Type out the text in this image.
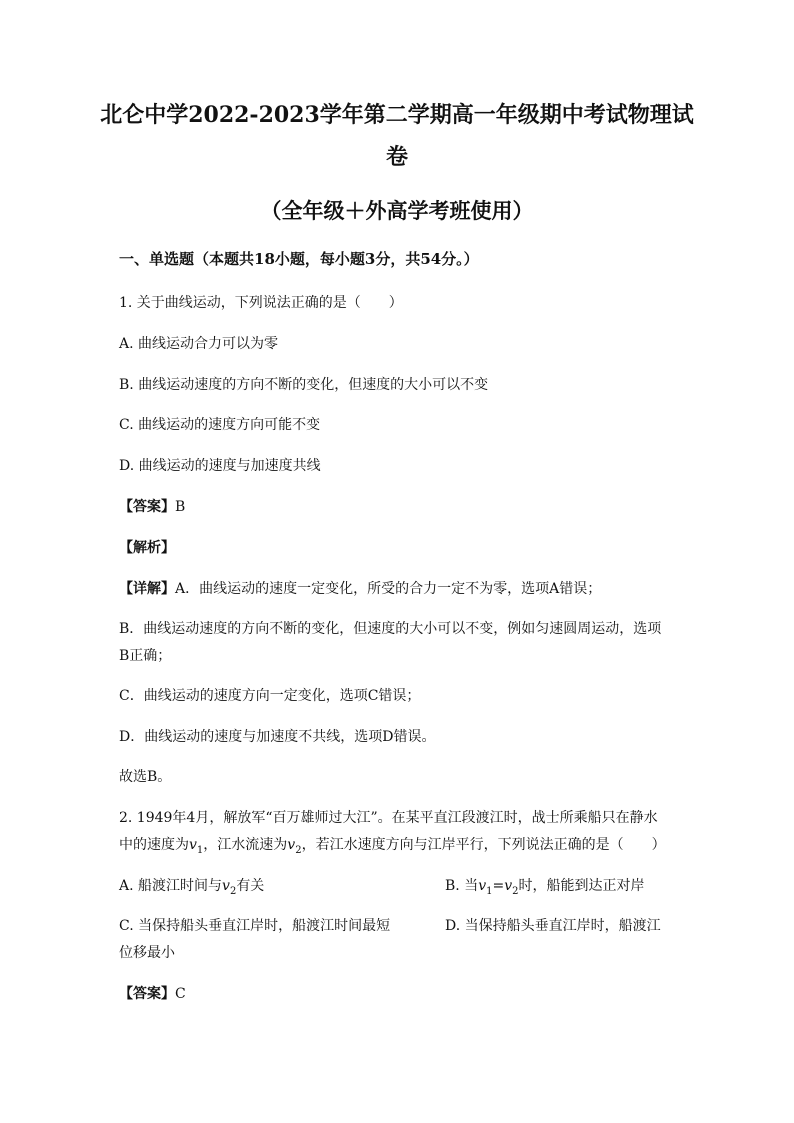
北仑中学2022-2023学年第二学期高一年级期中考试物理试
卷
（全年级＋外高学考班使用）
一、单选题（本题共18小题，每小题3分，共54分。）
1. 关于曲线运动，下列说法正确的是（　　）
A. 曲线运动合力可以为零
B. 曲线运动速度的方向不断的变化，但速度的大小可以不变
C. 曲线运动的速度方向可能不变
D. 曲线运动的速度与加速度共线
【答案】B
【解析】
【详解】A．曲线运动的速度一定变化，所受的合力一定不为零，选项A错误；
B．曲线运动速度的方向不断的变化，但速度的大小可以不变，例如匀速圆周运动，选项
B正确；
C．曲线运动的速度方向一定变化，选项C错误；
D．曲线运动的速度与加速度不共线，选项D错误。
故选B。
2. 1949年4月，解放军“百万雄师过大江”。在某平直江段渡江时，战士所乘船只在静水
中的速度为$v_1$，江水流速为$v_2$，若江水速度方向与江岸平行，下列说法正确的是（　　）
A. 船渡江时间与$v_2$有关	B. 当$v_1=v_2$时，船能到达正对岸
C. 当保持船头垂直江岸时，船渡江时间最短	D. 当保持船头垂直江岸时，船渡江
位移最小
【答案】C
